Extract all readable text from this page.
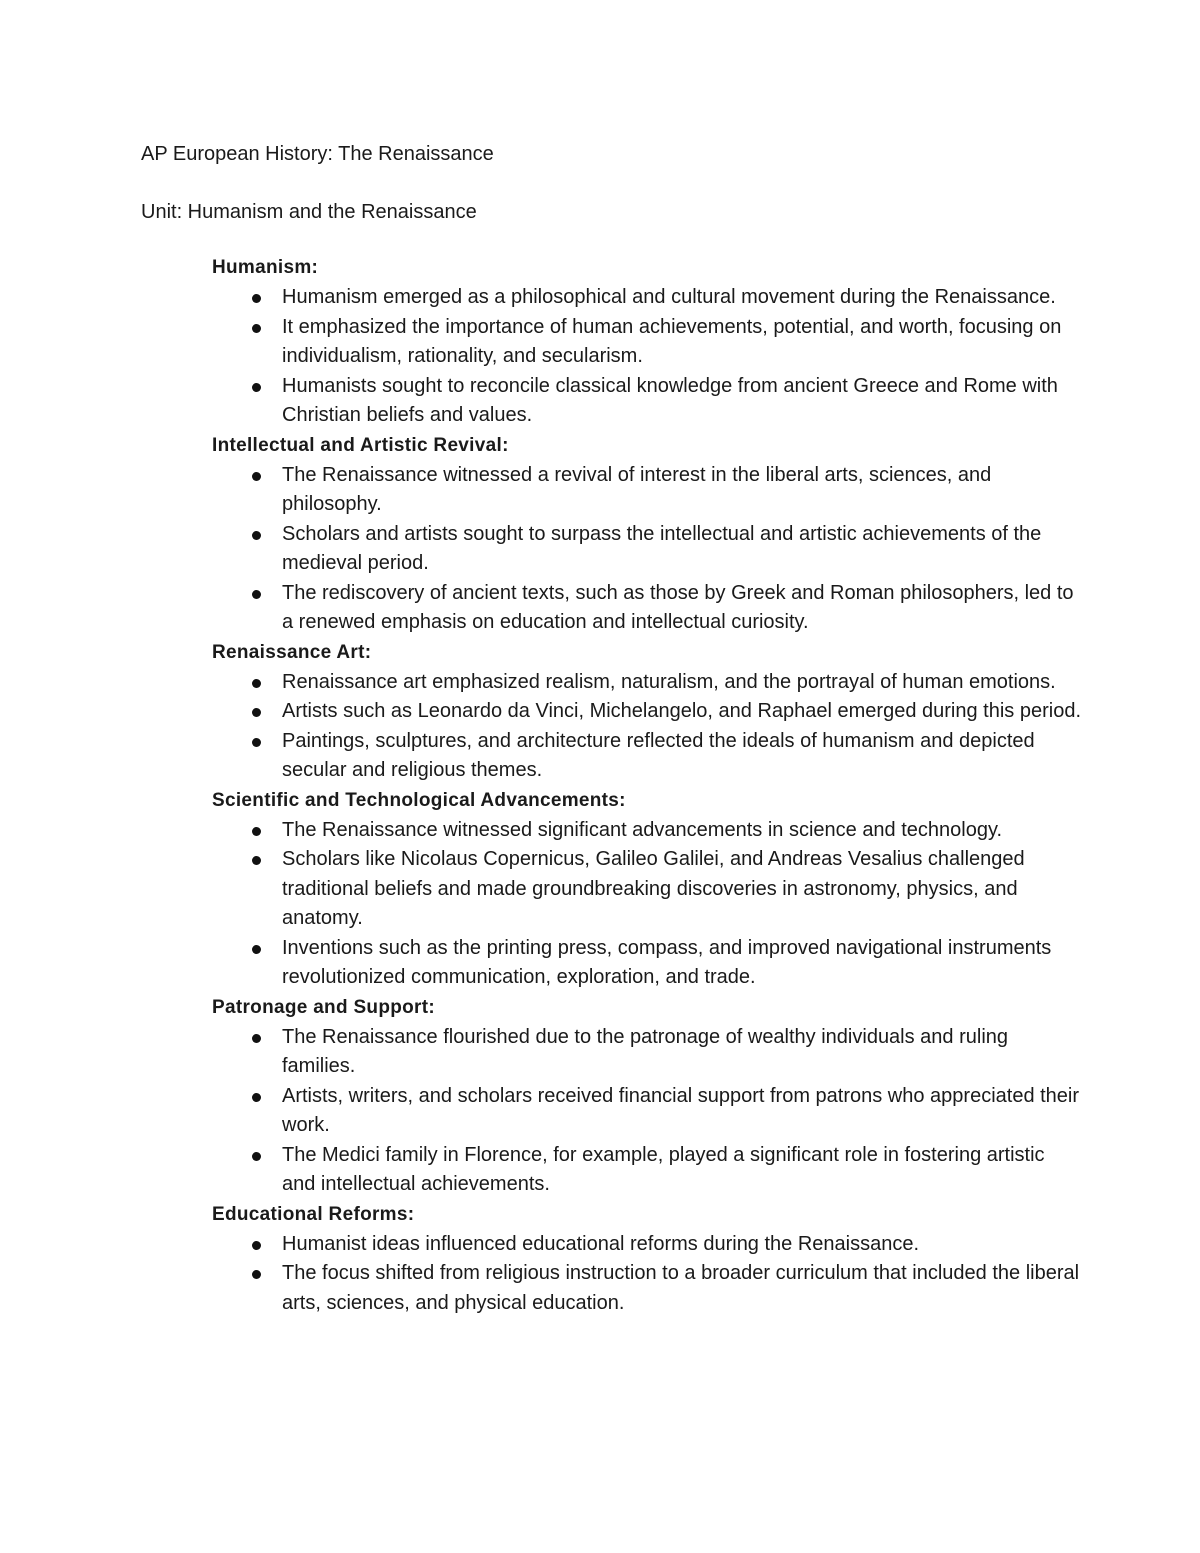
AP European History: The Renaissance

Unit: Humanism and the Renaissance

Humanism:
Humanism emerged as a philosophical and cultural movement during the Renaissance.
It emphasized the importance of human achievements, potential, and worth, focusing on individualism, rationality, and secularism.
Humanists sought to reconcile classical knowledge from ancient Greece and Rome with Christian beliefs and values.
Intellectual and Artistic Revival:
The Renaissance witnessed a revival of interest in the liberal arts, sciences, and philosophy.
Scholars and artists sought to surpass the intellectual and artistic achievements of the medieval period.
The rediscovery of ancient texts, such as those by Greek and Roman philosophers, led to a renewed emphasis on education and intellectual curiosity.
Renaissance Art:
Renaissance art emphasized realism, naturalism, and the portrayal of human emotions.
Artists such as Leonardo da Vinci, Michelangelo, and Raphael emerged during this period.
Paintings, sculptures, and architecture reflected the ideals of humanism and depicted secular and religious themes.
Scientific and Technological Advancements:
The Renaissance witnessed significant advancements in science and technology.
Scholars like Nicolaus Copernicus, Galileo Galilei, and Andreas Vesalius challenged traditional beliefs and made groundbreaking discoveries in astronomy, physics, and anatomy.
Inventions such as the printing press, compass, and improved navigational instruments revolutionized communication, exploration, and trade.
Patronage and Support:
The Renaissance flourished due to the patronage of wealthy individuals and ruling families.
Artists, writers, and scholars received financial support from patrons who appreciated their work.
The Medici family in Florence, for example, played a significant role in fostering artistic and intellectual achievements.
Educational Reforms:
Humanist ideas influenced educational reforms during the Renaissance.
The focus shifted from religious instruction to a broader curriculum that included the liberal arts, sciences, and physical education.
